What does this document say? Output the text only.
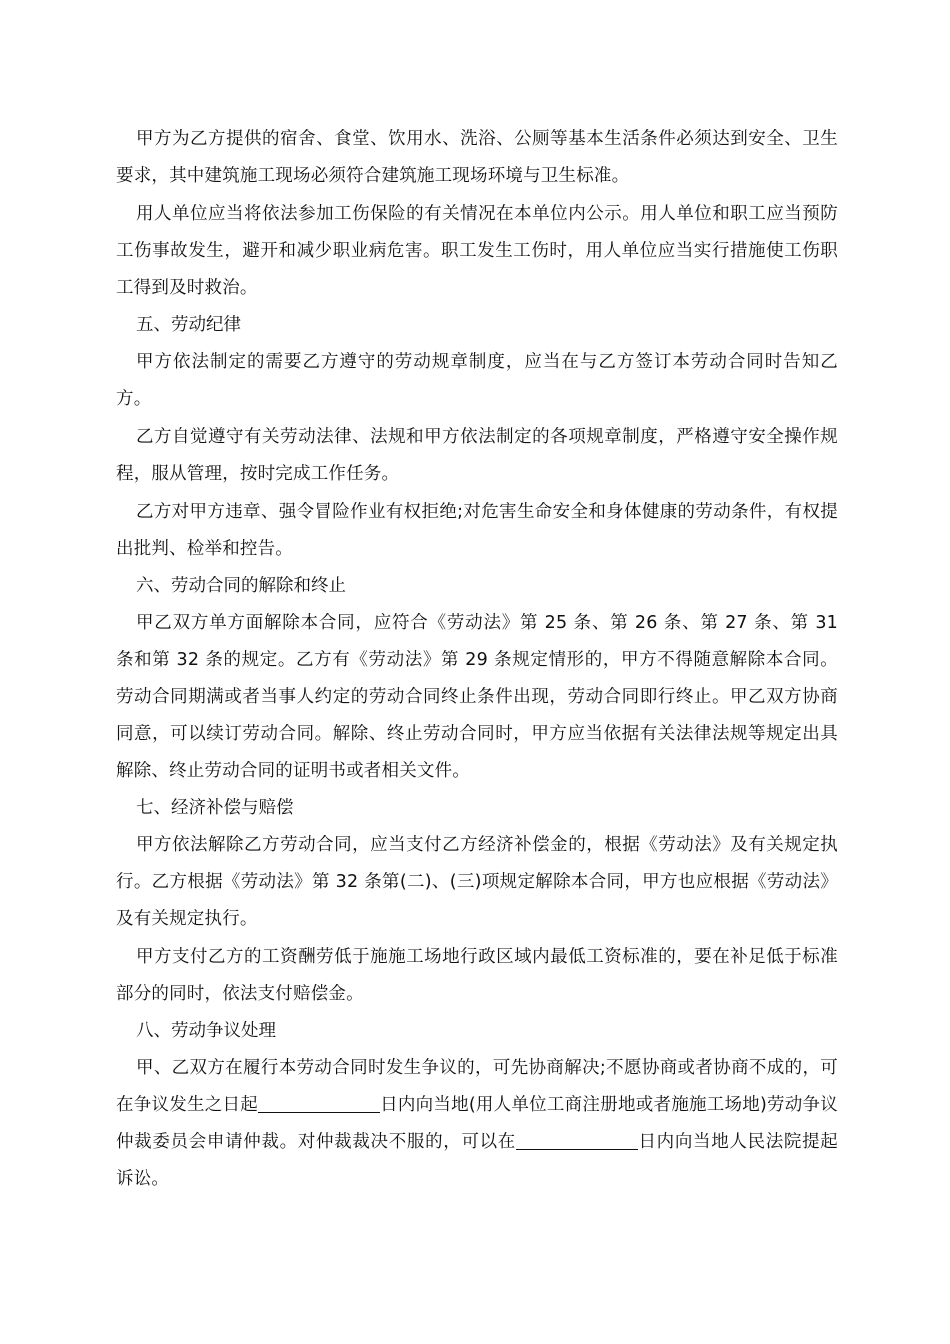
甲方为乙方提供的宿舍、食堂、饮用水、洗浴、公厕等基本生活条件必须达到安全、卫生要求，其中建筑施工现场必须符合建筑施工现场环境与卫生标准。

用人单位应当将依法参加工伤保险的有关情况在本单位内公示。用人单位和职工应当预防工伤事故发生，避开和减少职业病危害。职工发生工伤时，用人单位应当实行措施使工伤职工得到及时救治。

五、劳动纪律

甲方依法制定的需要乙方遵守的劳动规章制度，应当在与乙方签订本劳动合同时告知乙方。

乙方自觉遵守有关劳动法律、法规和甲方依法制定的各项规章制度，严格遵守安全操作规程，服从管理，按时完成工作任务。

乙方对甲方违章、强令冒险作业有权拒绝;对危害生命安全和身体健康的劳动条件，有权提出批判、检举和控告。

六、劳动合同的解除和终止

甲乙双方单方面解除本合同，应符合《劳动法》第 25 条、第 26 条、第 27 条、第 31 条和第 32 条的规定。乙方有《劳动法》第 29 条规定情形的，甲方不得随意解除本合同。 劳动合同期满或者当事人约定的劳动合同终止条件出现，劳动合同即行终止。甲乙双方协商同意，可以续订劳动合同。解除、终止劳动合同时，甲方应当依据有关法律法规等规定出具解除、终止劳动合同的证明书或者相关文件。

七、经济补偿与赔偿

甲方依法解除乙方劳动合同，应当支付乙方经济补偿金的，根据《劳动法》及有关规定执行。乙方根据《劳动法》第 32 条第(二)、(三)项规定解除本合同，甲方也应根据《劳动法》及有关规定执行。

甲方支付乙方的工资酬劳低于施施工场地行政区域内最低工资标准的，要在补足低于标准部分的同时，依法支付赔偿金。

八、劳动争议处理

甲、乙双方在履行本劳动合同时发生争议的，可先协商解决;不愿协商或者协商不成的，可在争议发生之日起	日内向当地(用人单位工商注册地或者施施工场地)劳动争议仲裁委员会申请仲裁。对仲裁裁决不服的，可以在	日内向当地人民法院提起诉讼。
